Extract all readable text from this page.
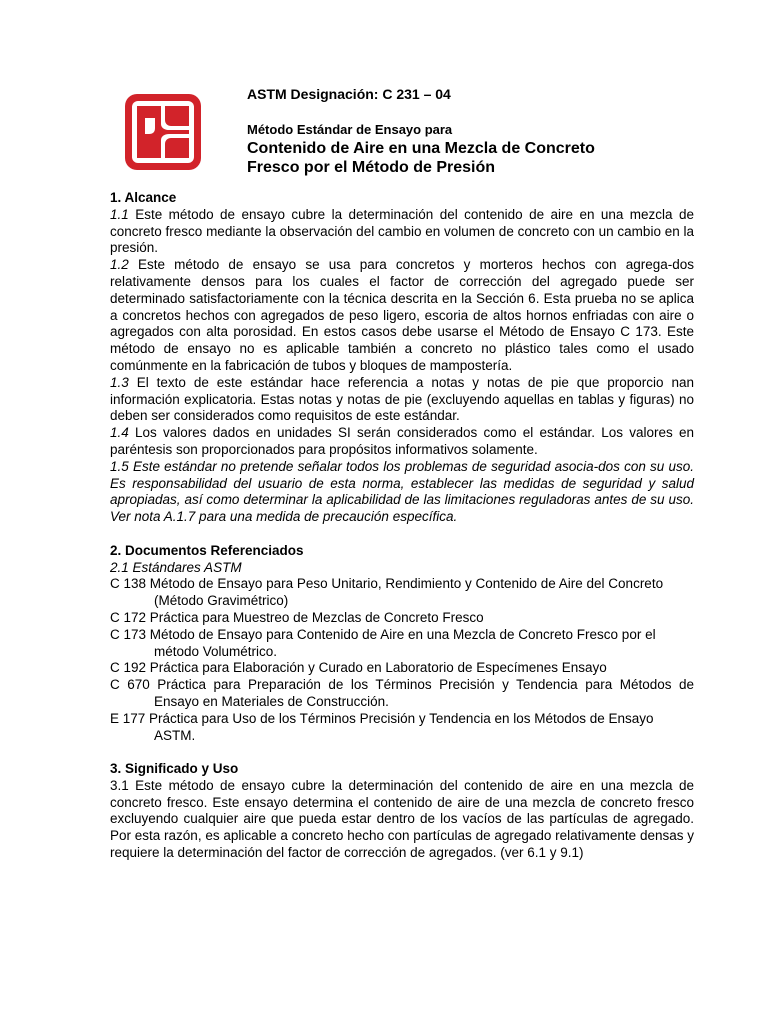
ASTM Designación: C 231 – 04

Método Estándar de Ensayo para

Contenido de Aire en una Mezcla de Concreto

Fresco por el Método de Presión

1. Alcance

1.1 Este método de ensayo cubre la determinación del contenido de aire en una mezcla de concreto fresco mediante la observación del cambio en volumen de concreto con un cambio en la presión.

1.2 Este método de ensayo se usa para concretos y morteros hechos con agrega-dos relativamente densos para los cuales el factor de corrección del agregado puede ser determinado satisfactoriamente con la técnica descrita en la Sección 6. Esta prueba no se aplica a concretos hechos con agregados de peso ligero, escoria de altos hornos enfriadas con aire o agregados con alta porosidad. En estos casos debe usarse el Método de Ensayo C 173. Este método de ensayo no es aplicable también a concreto no plástico tales como el usado comúnmente en la fabricación de tubos y bloques de mampostería.

1.3 El texto de este estándar hace referencia a notas y notas de pie que proporcio nan información explicatoria. Estas notas y notas de pie (excluyendo aquellas en tablas y figuras) no deben ser considerados como requisitos de este estándar.

1.4 Los valores dados en unidades SI serán considerados como el estándar. Los valores en paréntesis son proporcionados para propósitos informativos solamente.

1.5 Este estándar no pretende señalar todos los problemas de seguridad asocia-dos con su uso. Es responsabilidad del usuario de esta norma, establecer las medidas de seguridad y salud apropiadas, así como determinar la aplicabilidad de las limitaciones reguladoras antes de su uso. Ver nota A.1.7 para una medida de precaución específica.

2. Documentos Referenciados

2.1 Estándares ASTM

C 138 Método de Ensayo para Peso Unitario, Rendimiento y Contenido de Aire del Concreto (Método Gravimétrico)

C 172 Práctica para Muestreo de Mezclas de Concreto Fresco

C 173 Método de Ensayo para Contenido de Aire en una Mezcla de Concreto Fresco por el método Volumétrico.

C 192 Práctica para Elaboración y Curado en Laboratorio de Especímenes Ensayo

C 670 Práctica para Preparación de los Términos Precisión y Tendencia para Métodos de Ensayo en Materiales de Construcción.

E 177 Práctica para Uso de los Términos Precisión y Tendencia en los Métodos de Ensayo ASTM.

3. Significado y Uso

3.1 Este método de ensayo cubre la determinación del contenido de aire en una mezcla de concreto fresco. Este ensayo determina el contenido de aire de una mezcla de concreto fresco excluyendo cualquier aire que pueda estar dentro de los vacíos de las partículas de agregado. Por esta razón, es aplicable a concreto hecho con partículas de agregado relativamente densas y requiere la determinación del factor de corrección de agregados. (ver 6.1 y 9.1)
